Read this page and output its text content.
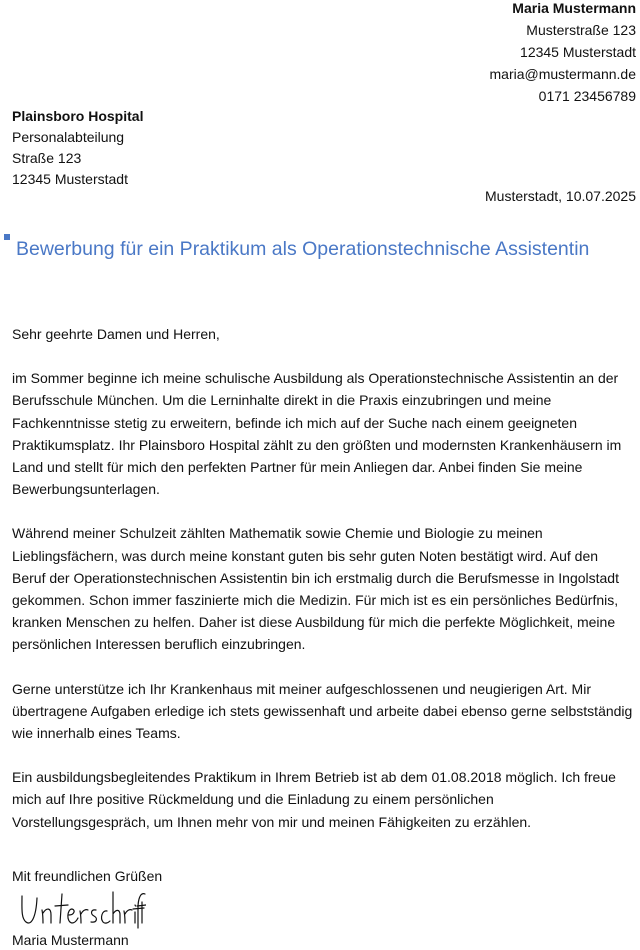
Maria Mustermann
Musterstraße 123
12345 Musterstadt
maria@mustermann.de
0171 23456789
Plainsboro Hospital
Personalabteilung
Straße 123
12345 Musterstadt
Musterstadt, 10.07.2025
Bewerbung für ein Praktikum als Operationstechnische Assistentin

Sehr geehrte Damen und Herren,

im Sommer beginne ich meine schulische Ausbildung als Operationstechnische Assistentin an der Berufsschule München. Um die Lerninhalte direkt in die Praxis einzubringen und meine Fachkenntnisse stetig zu erweitern, befinde ich mich auf der Suche nach einem geeigneten Praktikumsplatz. Ihr Plainsboro Hospital zählt zu den größten und modernsten Krankenhäusern im Land und stellt für mich den perfekten Partner für mein Anliegen dar. Anbei finden Sie meine Bewerbungsunterlagen.

Während meiner Schulzeit zählten Mathematik sowie Chemie und Biologie zu meinen Lieblingsfächern, was durch meine konstant guten bis sehr guten Noten bestätigt wird. Auf den Beruf der Operationstechnischen Assistentin bin ich erstmalig durch die Berufsmesse in Ingolstadt gekommen. Schon immer faszinierte mich die Medizin. Für mich ist es ein persönliches Bedürfnis, kranken Menschen zu helfen. Daher ist diese Ausbildung für mich die perfekte Möglichkeit, meine persönlichen Interessen beruflich einzubringen.

Gerne unterstütze ich Ihr Krankenhaus mit meiner aufgeschlossenen und neugierigen Art. Mir übertragene Aufgaben erledige ich stets gewissenhaft und arbeite dabei ebenso gerne selbstständig wie innerhalb eines Teams.

Ein ausbildungsbegleitendes Praktikum in Ihrem Betrieb ist ab dem 01.08.2018 möglich. Ich freue mich auf Ihre positive Rückmeldung und die Einladung zu einem persönlichen Vorstellungsgespräch, um Ihnen mehr von mir und meinen Fähigkeiten zu erzählen.

Mit freundlichen Grüßen
Maria Mustermann
